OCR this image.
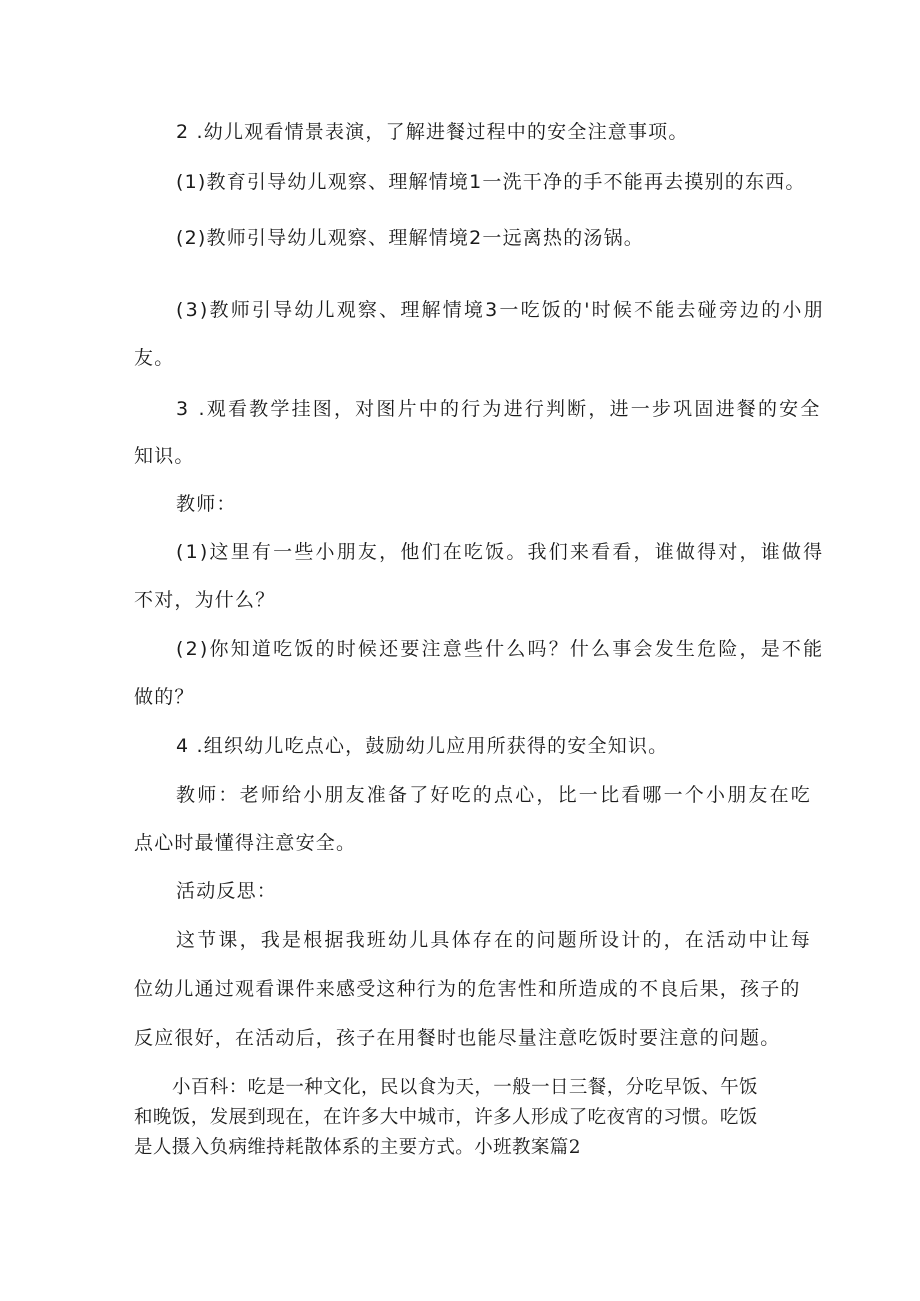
2 .幼儿观看情景表演，了解进餐过程中的安全注意事项。
(1)教育引导幼儿观察、理解情境1一洗干净的手不能再去摸别的东西。
(2)教师引导幼儿观察、理解情境2一远离热的汤锅。
(3)教师引导幼儿观察、理解情境3一吃饭的'时候不能去碰旁边的小朋
友。
3 .观看教学挂图，对图片中的行为进行判断，进一步巩固进餐的安全
知识。
教师：
(1)这里有一些小朋友，他们在吃饭。我们来看看，谁做得对，谁做得
不对，为什么？
(2)你知道吃饭的时候还要注意些什么吗？什么事会发生危险，是不能
做的？
4 .组织幼儿吃点心，鼓励幼儿应用所获得的安全知识。
教师：老师给小朋友准备了好吃的点心，比一比看哪一个小朋友在吃
点心时最懂得注意安全。
活动反思：
这节课，我是根据我班幼儿具体存在的问题所设计的，在活动中让每
位幼儿通过观看课件来感受这种行为的危害性和所造成的不良后果，孩子的
反应很好，在活动后，孩子在用餐时也能尽量注意吃饭时要注意的问题。
小百科：吃是一种文化，民以食为天，一般一日三餐，分吃早饭、午饭
和晚饭，发展到现在，在许多大中城市，许多人形成了吃夜宵的习惯。吃饭
是人摄入负病维持耗散体系的主要方式。小班教案篇2
